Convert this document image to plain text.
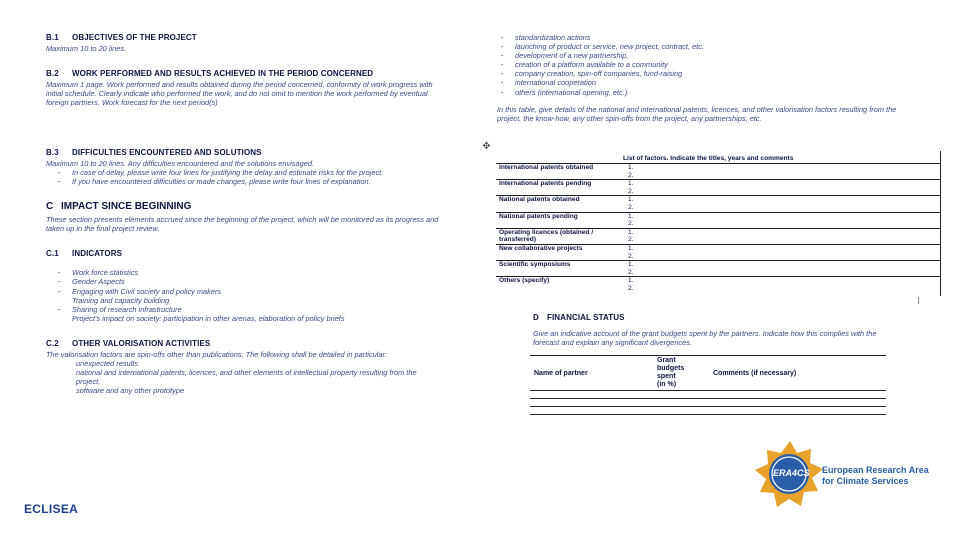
B.1 OBJECTIVES OF THE PROJECT
Maximum 10 to 20 lines.
B.2 WORK PERFORMED AND RESULTS ACHIEVED IN THE PERIOD CONCERNED
Maximum 1 page. Work performed and results obtained during the period concerned, conformity of work progress with initial schedule. Clearly indicate who performed the work, and do not omit to mention the work performed by eventual foreign partners. Work forecast for the next period(s)
B.3 DIFFICULTIES ENCOUNTERED AND SOLUTIONS
Maximum 10 to 20 lines. Any difficulties encountered and the solutions envisaged.
- In case of delay, please write four lines for justifying the delay and estimate risks for the project.
- If you have encountered difficulties or made changes, please write four lines of explanation.
C IMPACT SINCE BEGINNING
These section presents elements accrued since the beginning of the project, which will be monitored as its progress and taken up in the final project review.
C.1 INDICATORS
- Work force statistics
- Gender Aspects
- Engaging with Civil society and policy makers
Training and capacity building
- Sharing of research infrastructure
Project's impact on society: participation in other arenas, elaboration of policy briefs
C.2 OTHER VALORISATION ACTIVITIES
The valorisation factors are spin-offs other than publications. The following shall be detailed in particular:
unexpected results
national and international patents, licences, and other elements of intellectual property resulting from the project,
software and any other prototype
- standardization actions
- launching of product or service, new project, contract, etc.
- development of a new partnership,
- creation of a platform available to a community
- company creation, spin-off companies, fund-raising
- international cooperation
- others (international opening, etc.).
In this table, give details of the national and international patents, licences, and other valorisation factors resulting from the project, the know-how, any other spin-offs from the project, any partnerships, etc.
✥
	List of factors. Indicate the titles, years and comments
International patents obtained	1.
2.
International patents pending	1.
2.
National patents obtained	1.
2.
National patents pending	1.
2.
Operating licences (obtained / transferred)	1.
2.
New collaborative projects	1.
2.
Scientific symposiums	1.
2.
Others (specify)	1.
2.
D FINANCIAL STATUS
Give an indicative account of the grant budgets spent by the partners. Indicate how this complies with the forecast and explain any significant divergences.
Name of partner	Grant
budgets
spent
(in %)	Comments (if necessary)

ECLISEA
ERA4CS European Research Area
for Climate Services
